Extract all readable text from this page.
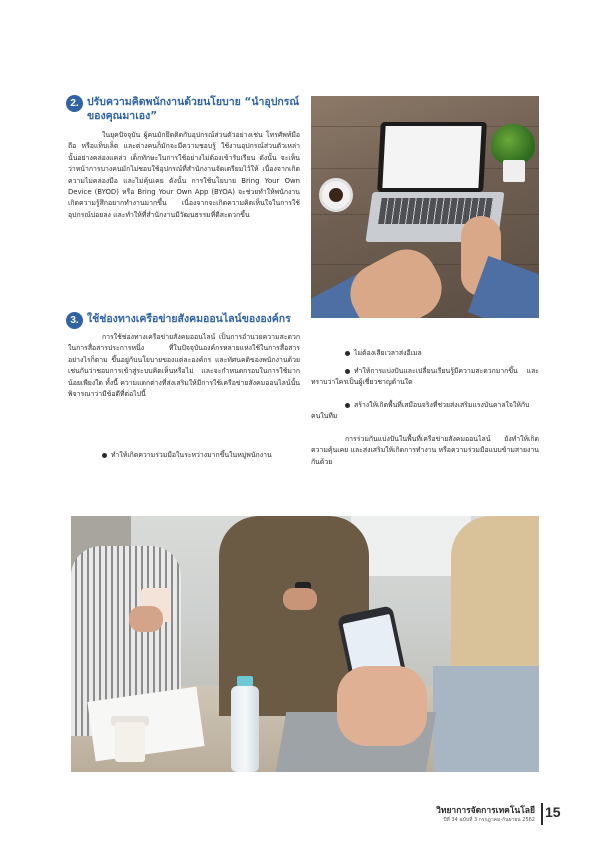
2. ปรับความคิดพนักงานด้วยนโยบาย “นำอุปกรณ์
ของคุณมาเอง”
ในยุคปัจจุบัน ผู้คนมักยึดติดกับอุปกรณ์ส่วนตัวอย่างเช่น โทรศัพท์มือถือ หรือแท็บเล็ต และต่างคนก็มักจะมีความชอบรู้ ใช้งานอุปกรณ์ส่วนตัวเหล่านั้นอย่างคล่องแคล่ว เด็กทักษะในการใช้อย่างไม่ต้องเข้ารับเรียน ดังนั้น จะเห็นว่าหน้าการบางคนมักไม่ชอบใช้อุปกรณ์ที่สำนักงานจัดเตรียมไว้ให้ เนื่องจากเกิดความไม่คล่องมือ และไม่คุ้นเคย ดังนั้น การใช้นโยบาย Bring Your Own Device (BYOD) หรือ Bring Your Own App (BYOA) จะช่วยทำให้พนักงานเกิดความรู้สึกอยากทำงานมากขึ้น เนื่องจากจะเกิดความคิดเห็นใจในการใช้อุปกรณ์บ่อยลง และทำให้ที่สำนักงานมีวัฒนธรรมที่ดีสะดวกขึ้น
3. ใช้ช่องทางเครือข่ายสังคมออนไลน์ขององค์กร
การใช้ช่องทางเครือข่ายสังคมออนไลน์ เป็นการอำนวยความสะดวกในการสื่อสารประการหนึ่ง ที่ในปัจจุบันองค์กรหลายแห่งใช้ในการสื่อสาร อย่างไรก็ตาม ขึ้นอยู่กับนโยบายของแต่ละองค์กร และทัศนคติของพนักงานด้วยเช่นกันว่าชอบการเข้าสู่ระบบคิดเห็นหรือไม่ และจะกำหนดกรอบในการใช้มากน้อยเพียงใด ทั้งนี้ ความแตกต่างที่ส่งเสริมให้มีการใช้เครือข่ายสังคมออนไลน์นั้น พิจารณาว่ามีข้อดีที่ต่อไปนี้
ทำให้เกิดความร่วมมือในระหว่างมากขึ้นในหมู่พนักงาน
ไม่ต้องเสียเวลาส่งอีเมล
ทำให้การแบ่งปันและเปลี่ยนเรียนรู้มีความสะดวกมากขึ้น และทราบว่าใครเป็นผู้เชี่ยวชาญด้านใด
สร้างให้เกิดพื้นที่เสมือนจริงที่ช่วยส่งเสริมแรงบันดาลใจให้กับคนในทีม
การร่วมกันแบ่งปันในพื้นที่เครือข่ายสังคมออนไลน์ ยังทำให้เกิดความคุ้นเคย และส่งเสริมให้เกิดการทำงาน หรือความร่วมมือแบบข้ามสายงานกันด้วย
วิทยาการจัดการเทคโนโลยี
ปีที่ 34 ฉบับที่ 3 กรกฎาคม-กันยายน 2562 15
